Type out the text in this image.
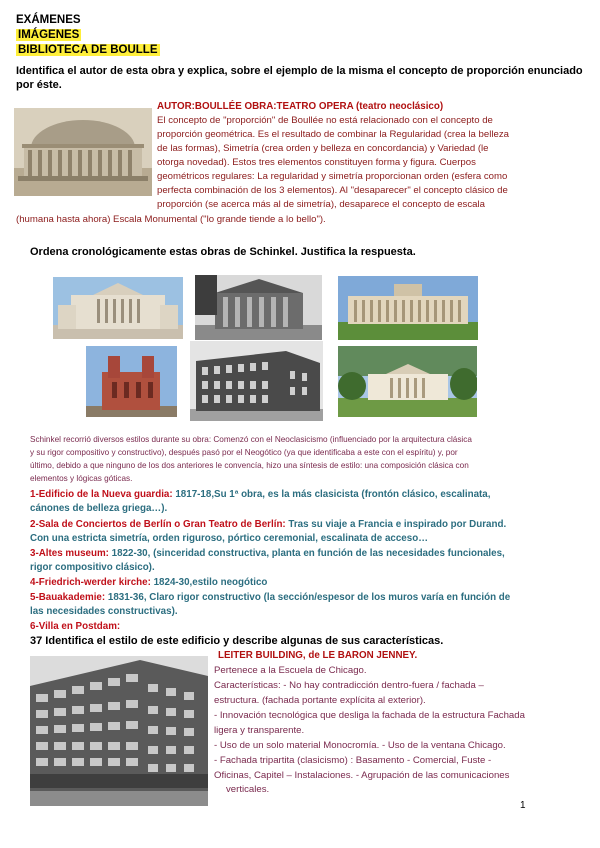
EXÁMENES
IMÁGENES
BIBLIOTECA DE BOULLE
Identifica el autor de esta obra y explica, sobre el ejemplo de la misma el concepto de proporción enunciado por éste.
AUTOR:BOULLÉE OBRA:TEATRO OPERA (teatro neoclásico)
El concepto de "proporción" de Boullée no está relacionado con el concepto de
proporción geométrica. Es el resultado de combinar la Regularidad (crea la belleza
de las formas), Simetría (crea orden y belleza en concordancia) y Variedad (le
otorga novedad). Estos tres elementos constituyen forma y figura. Cuerpos
geométricos regulares: La regularidad y simetría proporcionan orden (esfera como
perfecta combinación de los 3 elementos). Al "desaparecer" el concepto clásico de
proporción (se acerca más al de simetría), desaparece el concepto de escala
(humana hasta ahora) Escala Monumental ("lo grande tiende a lo bello").
Ordena cronológicamente estas obras de Schinkel. Justifica la respuesta.
Schinkel recorrió diversos estilos durante su obra: Comenzó con el Neoclasicismo (influenciado por la arquitectura clásica
y su rigor compositivo y constructivo), después pasó por el Neogótico (ya que identificaba a este con el espíritu) y, por
último, debido a que ninguno de los dos anteriores le convencía, hizo una síntesis de estilo: una composición clásica con
elementos y lógicas góticas.
1-Edificio de la Nueva guardia: 1817-18,Su 1ª obra, es la más clasicista (frontón clásico, escalinata,
cánones de belleza griega…).
2-Sala de Conciertos de Berlín o Gran Teatro de Berlín: Tras su viaje a Francia e inspirado por Durand.
Con una estricta simetría, orden riguroso, pórtico ceremonial, escalinata de acceso…
3-Altes museum: 1822-30, (sinceridad constructiva, planta en función de las necesidades funcionales,
rigor compositivo clásico).
4-Friedrich-werder kirche: 1824-30,estilo neogótico
5-Bauakademie: 1831-36, Claro rigor constructivo (la sección/espesor de los muros varía en función de
las necesidades constructivas).
6-Villa en Postdam:
37 Identifica el estilo de este edificio y describe algunas de sus características.
LEITER BUILDING, de LE BARON JENNEY.
Pertenece a la Escuela de Chicago.
Características: - No hay contradicción dentro-fuera / fachada –
estructura. (fachada portante explícita al exterior).
- Innovación tecnológica que desliga la fachada de la estructura Fachada
ligera y transparente.
- Uso de un solo material Monocromía. - Uso de la ventana Chicago.
- Fachada tripartita (clasicismo) : Basamento - Comercial, Fuste -
Oficinas, Capitel – Instalaciones. - Agrupación de las comunicaciones
verticales.
1
